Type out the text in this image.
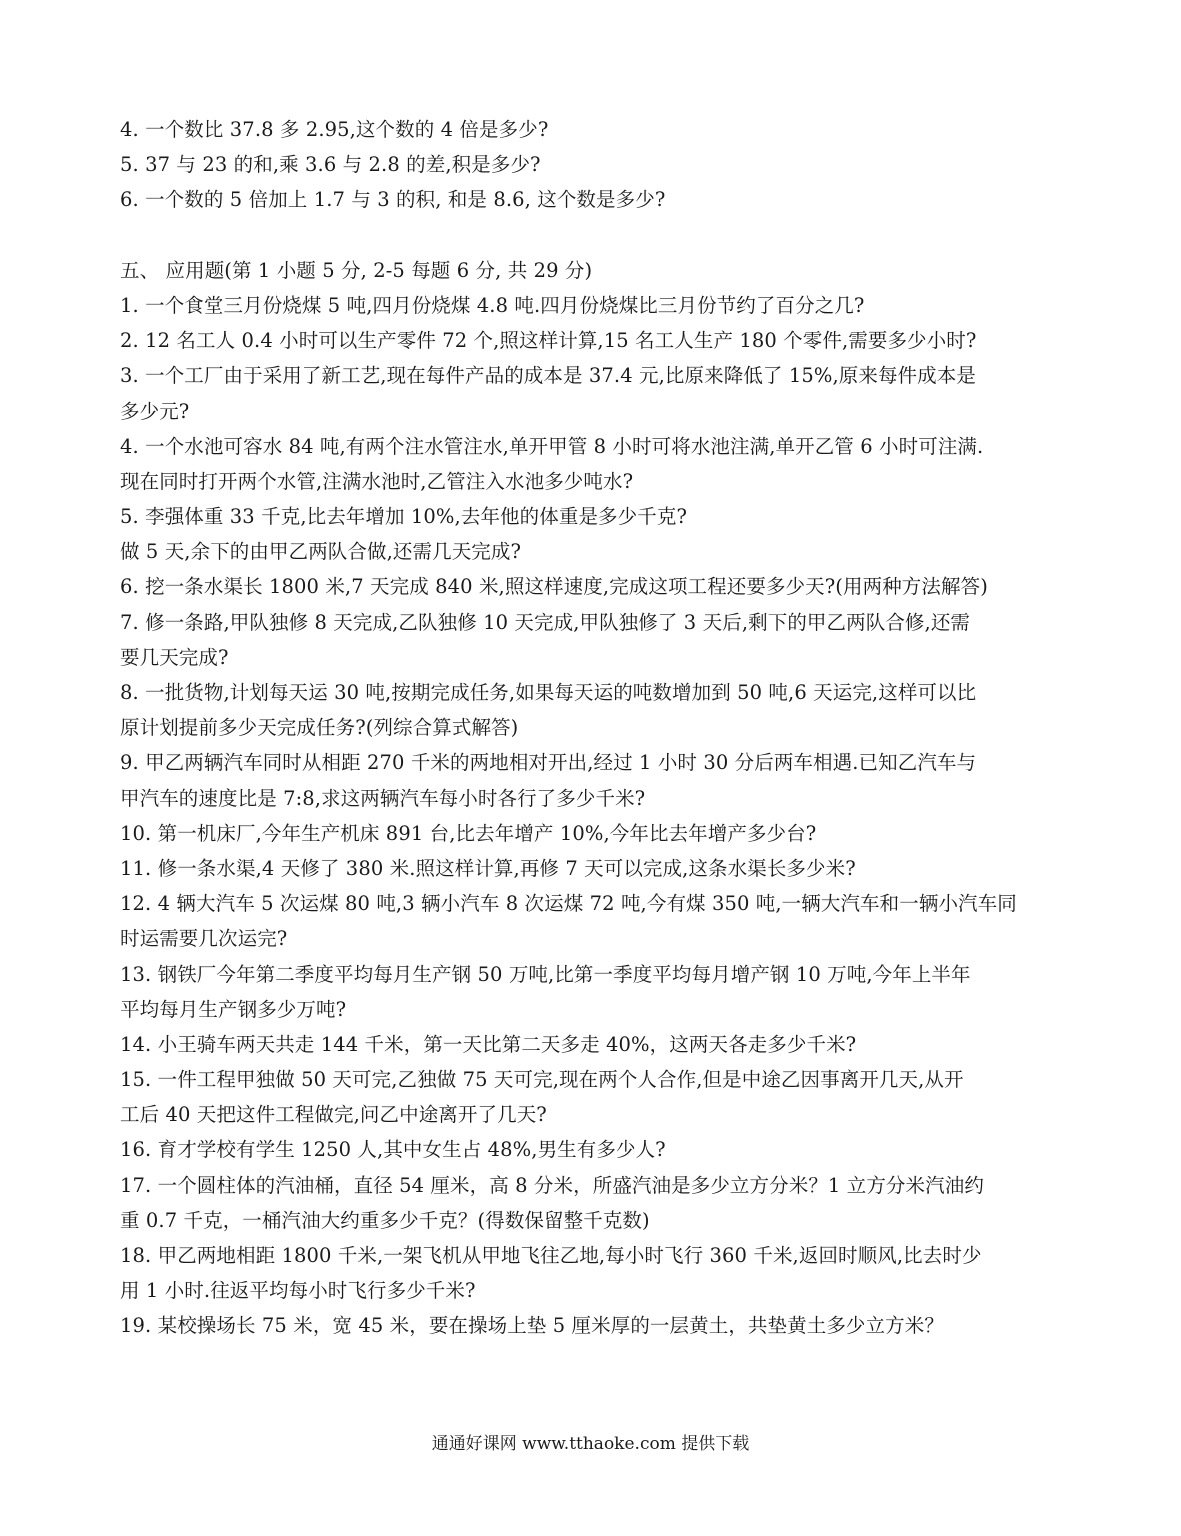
4. 一个数比 37.8 多 2.95,这个数的 4 倍是多少?
5. 37 与 23 的和,乘 3.6 与 2.8 的差,积是多少?
6. 一个数的 5 倍加上 1.7 与 3 的积, 和是 8.6, 这个数是多少?
五、 应用题(第 1 小题 5 分, 2-5 每题 6 分, 共 29 分)
1. 一个食堂三月份烧煤 5 吨,四月份烧煤 4.8 吨.四月份烧煤比三月份节约了百分之几?
2. 12 名工人 0.4 小时可以生产零件 72 个,照这样计算,15 名工人生产 180 个零件,需要多少小时?
3. 一个工厂由于采用了新工艺,现在每件产品的成本是 37.4 元,比原来降低了 15%,原来每件成本是
多少元?
4. 一个水池可容水 84 吨,有两个注水管注水,单开甲管 8 小时可将水池注满,单开乙管 6 小时可注满.
现在同时打开两个水管,注满水池时,乙管注入水池多少吨水?
5. 李强体重 33 千克,比去年增加 10%,去年他的体重是多少千克?
做 5 天,余下的由甲乙两队合做,还需几天完成?
6. 挖一条水渠长 1800 米,7 天完成 840 米,照这样速度,完成这项工程还要多少天?(用两种方法解答)
7. 修一条路,甲队独修 8 天完成,乙队独修 10 天完成,甲队独修了 3 天后,剩下的甲乙两队合修,还需
要几天完成?
8. 一批货物,计划每天运 30 吨,按期完成任务,如果每天运的吨数增加到 50 吨,6 天运完,这样可以比
原计划提前多少天完成任务?(列综合算式解答)
9. 甲乙两辆汽车同时从相距 270 千米的两地相对开出,经过 1 小时 30 分后两车相遇.已知乙汽车与
甲汽车的速度比是 7:8,求这两辆汽车每小时各行了多少千米?
10. 第一机床厂,今年生产机床 891 台,比去年增产 10%,今年比去年增产多少台?
11. 修一条水渠,4 天修了 380 米.照这样计算,再修 7 天可以完成,这条水渠长多少米?
12. 4 辆大汽车 5 次运煤 80 吨,3 辆小汽车 8 次运煤 72 吨,今有煤 350 吨,一辆大汽车和一辆小汽车同
时运需要几次运完?
13. 钢铁厂今年第二季度平均每月生产钢 50 万吨,比第一季度平均每月增产钢 10 万吨,今年上半年
平均每月生产钢多少万吨?
14. 小王骑车两天共走 144 千米，第一天比第二天多走 40%，这两天各走多少千米?
15. 一件工程甲独做 50 天可完,乙独做 75 天可完,现在两个人合作,但是中途乙因事离开几天,从开
工后 40 天把这件工程做完,问乙中途离开了几天?
16. 育才学校有学生 1250 人,其中女生占 48%,男生有多少人?
17. 一个圆柱体的汽油桶，直径 54 厘米，高 8 分米，所盛汽油是多少立方分米？1 立方分米汽油约
重 0.7 千克，一桶汽油大约重多少千克？(得数保留整千克数)
18. 甲乙两地相距 1800 千米,一架飞机从甲地飞往乙地,每小时飞行 360 千米,返回时顺风,比去时少
用 1 小时.往返平均每小时飞行多少千米?
19. 某校操场长 75 米，宽 45 米，要在操场上垫 5 厘米厚的一层黄土，共垫黄土多少立方米？
通通好课网 www.tthaoke.com 提供下载
